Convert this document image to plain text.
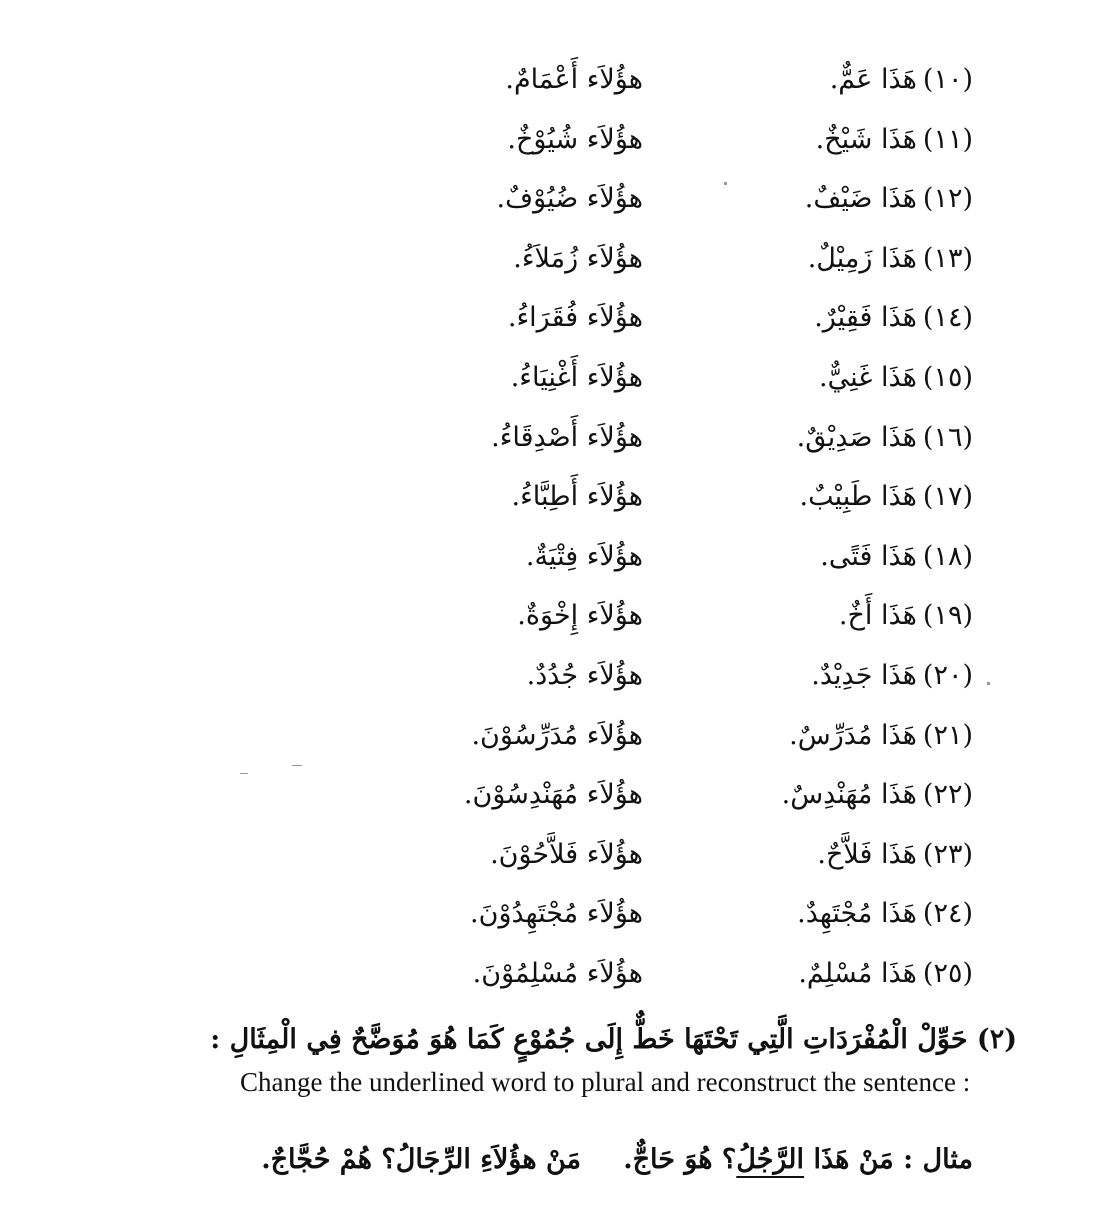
(١٠)هَذَا عَمٌّ.
هؤُلاَء أَعْمَامٌ.
(١١)هَذَا شَيْخٌ.
هؤُلاَء شُيُوْخٌ.
(١٢)هَذَا ضَيْفٌ.
هؤُلاَء ضُيُوْفٌ.
(١٣)هَذَا زَمِيْلٌ.
هؤُلاَء زُمَلاَءُ.
(١٤)هَذَا فَقِيْرٌ.
هؤُلاَء فُقَرَاءُ.
(١٥)هَذَا غَنِيٌّ.
هؤُلاَء أَغْنِيَاءُ.
(١٦)هَذَا صَدِيْقٌ.
هؤُلاَء أَصْدِقَاءُ.
(١٧)هَذَا طَبِيْبٌ.
هؤُلاَء أَطِبَّاءُ.
(١٨)هَذَا فَتًى.
هؤُلاَء فِتْيَةٌ.
(١٩)هَذَا أَخٌ.
هؤُلاَء إِخْوَةٌ.
(٢٠)هَذَا جَدِيْدٌ.
هؤُلاَء جُدُدٌ.
(٢١)هَذَا مُدَرِّسٌ.
هؤُلاَء مُدَرِّسُوْنَ.
(٢٢)هَذَا مُهَنْدِسٌ.
هؤُلاَء مُهَنْدِسُوْنَ.
(٢٣)هَذَا فَلاَّحٌ.
هؤُلاَء فَلاَّحُوْنَ.
(٢٤)هَذَا مُجْتَهِدٌ.
هؤُلاَء مُجْتَهِدُوْنَ.
(٢٥)هَذَا مُسْلِمٌ.
هؤُلاَء مُسْلِمُوْنَ.
(٢) حَوِّلْ الْمُفْرَدَاتِ الَّتِي تَحْتَهَا خَطٌّ إِلَى جُمُوْعٍ كَمَا هُوَ مُوَضَّحٌ فِي الْمِثَالِ :
Change the underlined word to plural and reconstruct the sentence :
مثال : مَنْ هَذَا الرَّجُلُ؟ هُوَ حَاجٌّ.
مَنْ هؤُلاَءِ الرِّجَالُ؟ هُمْ حُجَّاجٌ.
